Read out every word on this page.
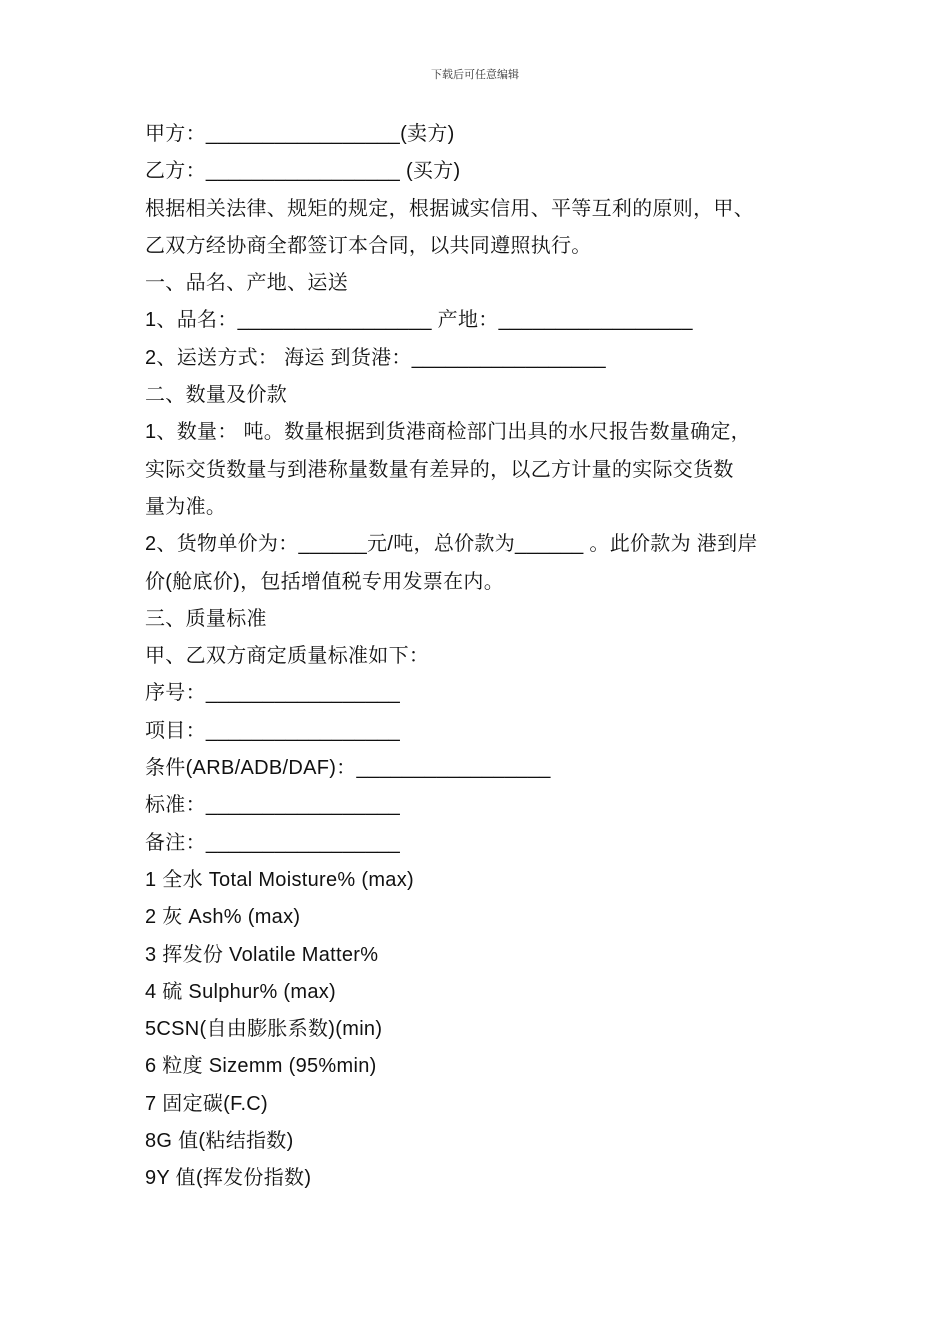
下载后可任意编辑
甲方：_________________(卖方)
乙方：_________________ (买方)
根据相关法律、规矩的规定，根据诚实信用、平等互利的原则，甲、
乙双方经协商全都签订本合同，以共同遵照执行。
一、品名、产地、运送
1、品名：_________________ 产地：_________________
2、运送方式： 海运 到货港：_________________
二、数量及价款
1、数量： 吨。数量根据到货港商检部门出具的水尺报告数量确定，
实际交货数量与到港称量数量有差异的，以乙方计量的实际交货数
量为准。
2、货物单价为：______元/吨，总价款为______ 。此价款为 港到岸
价(舱底价)，包括增值税专用发票在内。
三、质量标准
甲、乙双方商定质量标准如下：
序号：_________________
项目：_________________
条件(ARB/ADB/DAF)：_________________
标准：_________________
备注：_________________
1 全水 Total Moisture% (max)
2 灰 Ash% (max)
3 挥发份 Volatile Matter%
4 硫 Sulphur% (max)
5CSN(自由膨胀系数)(min)
6 粒度 Sizemm (95%min)
7 固定碳(F.C)
8G 值(粘结指数)
9Y 值(挥发份指数)
